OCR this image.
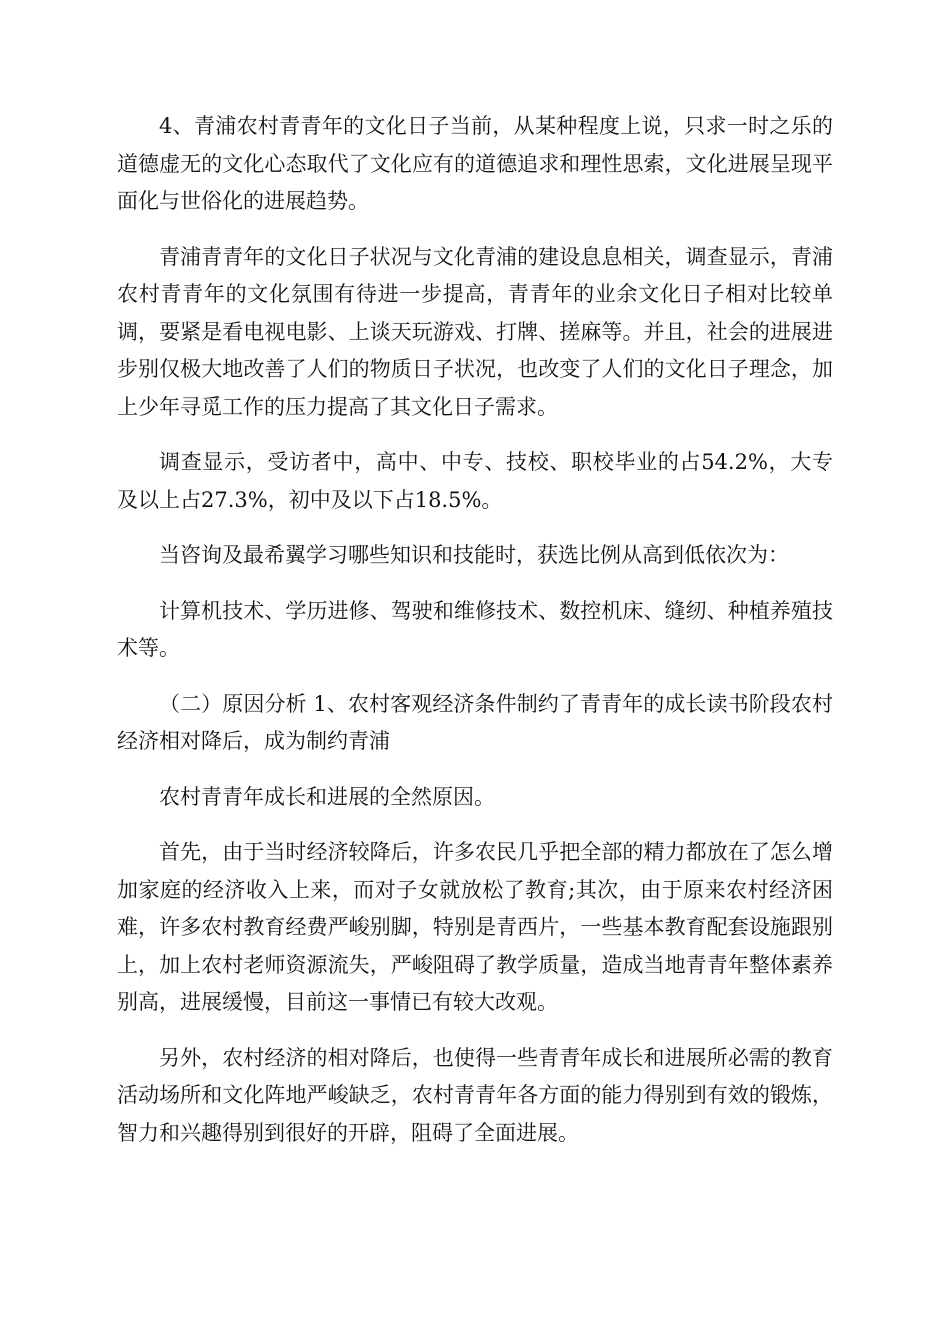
4、青浦农村青青年的文化日子当前，从某种程度上说，只求一时之乐的道德虚无的文化心态取代了文化应有的道德追求和理性思索，文化进展呈现平面化与世俗化的进展趋势。

青浦青青年的文化日子状况与文化青浦的建设息息相关，调查显示，青浦农村青青年的文化氛围有待进一步提高，青青年的业余文化日子相对比较单调，要紧是看电视电影、上谈天玩游戏、打牌、搓麻等。并且，社会的进展进步别仅极大地改善了人们的物质日子状况，也改变了人们的文化日子理念，加上少年寻觅工作的压力提高了其文化日子需求。

调查显示，受访者中，高中、中专、技校、职校毕业的占54.2%，大专及以上占27.3%，初中及以下占18.5%。

当咨询及最希翼学习哪些知识和技能时，获选比例从高到低依次为：

计算机技术、学历进修、驾驶和维修技术、数控机床、缝纫、种植养殖技术等。

（二）原因分析 1、农村客观经济条件制约了青青年的成长读书阶段农村经济相对降后，成为制约青浦

农村青青年成长和进展的全然原因。

首先，由于当时经济较降后，许多农民几乎把全部的精力都放在了怎么增加家庭的经济收入上来，而对子女就放松了教育;其次，由于原来农村经济困难，许多农村教育经费严峻别脚，特别是青西片，一些基本教育配套设施跟别上，加上农村老师资源流失，严峻阻碍了教学质量，造成当地青青年整体素养别高，进展缓慢，目前这一事情已有较大改观。

另外，农村经济的相对降后，也使得一些青青年成长和进展所必需的教育活动场所和文化阵地严峻缺乏，农村青青年各方面的能力得别到有效的锻炼，智力和兴趣得别到很好的开辟，阻碍了全面进展。
